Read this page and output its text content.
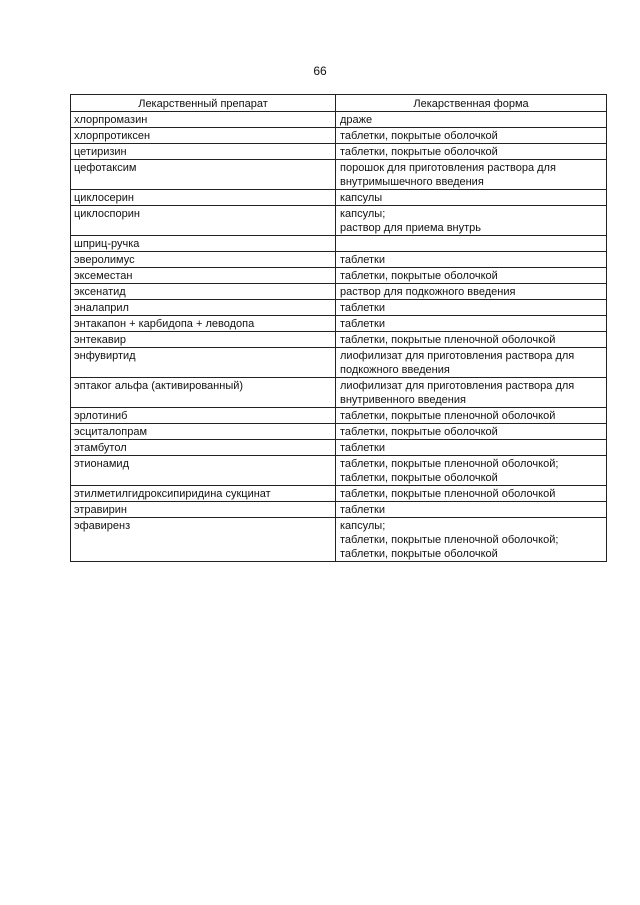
66
Лекарственный препарат	Лекарственная форма
хлорпромазин	драже

хлорпротиксен	таблетки, покрытые оболочкой

цетиризин	таблетки, покрытые оболочкой

цефотаксим	порошок для приготовления раствора для внутримышечного введения

циклосерин	капсулы

циклоспорин	капсулы;
раствор для приема внутрь

шприц-ручка	
эверолимус	таблетки

эксеместан	таблетки, покрытые оболочкой

эксенатид	раствор для подкожного введения

эналаприл	таблетки

энтакапон + карбидопа + леводопа	таблетки

энтекавир	таблетки, покрытые пленочной оболочкой

энфувиртид	лиофилизат для приготовления раствора для подкожного введения

эптаког альфа (активированный)	лиофилизат для приготовления раствора для внутривенного введения

эрлотиниб	таблетки, покрытые пленочной оболочкой

эсциталопрам	таблетки, покрытые оболочкой

этамбутол	таблетки

этионамид	таблетки, покрытые пленочной оболочкой;
таблетки, покрытые оболочкой

этилметилгидроксипиридина сукцинат	таблетки, покрытые пленочной оболочкой

этравирин	таблетки

эфавиренз	капсулы;
таблетки, покрытые пленочной оболочкой;
таблетки, покрытые оболочкой
